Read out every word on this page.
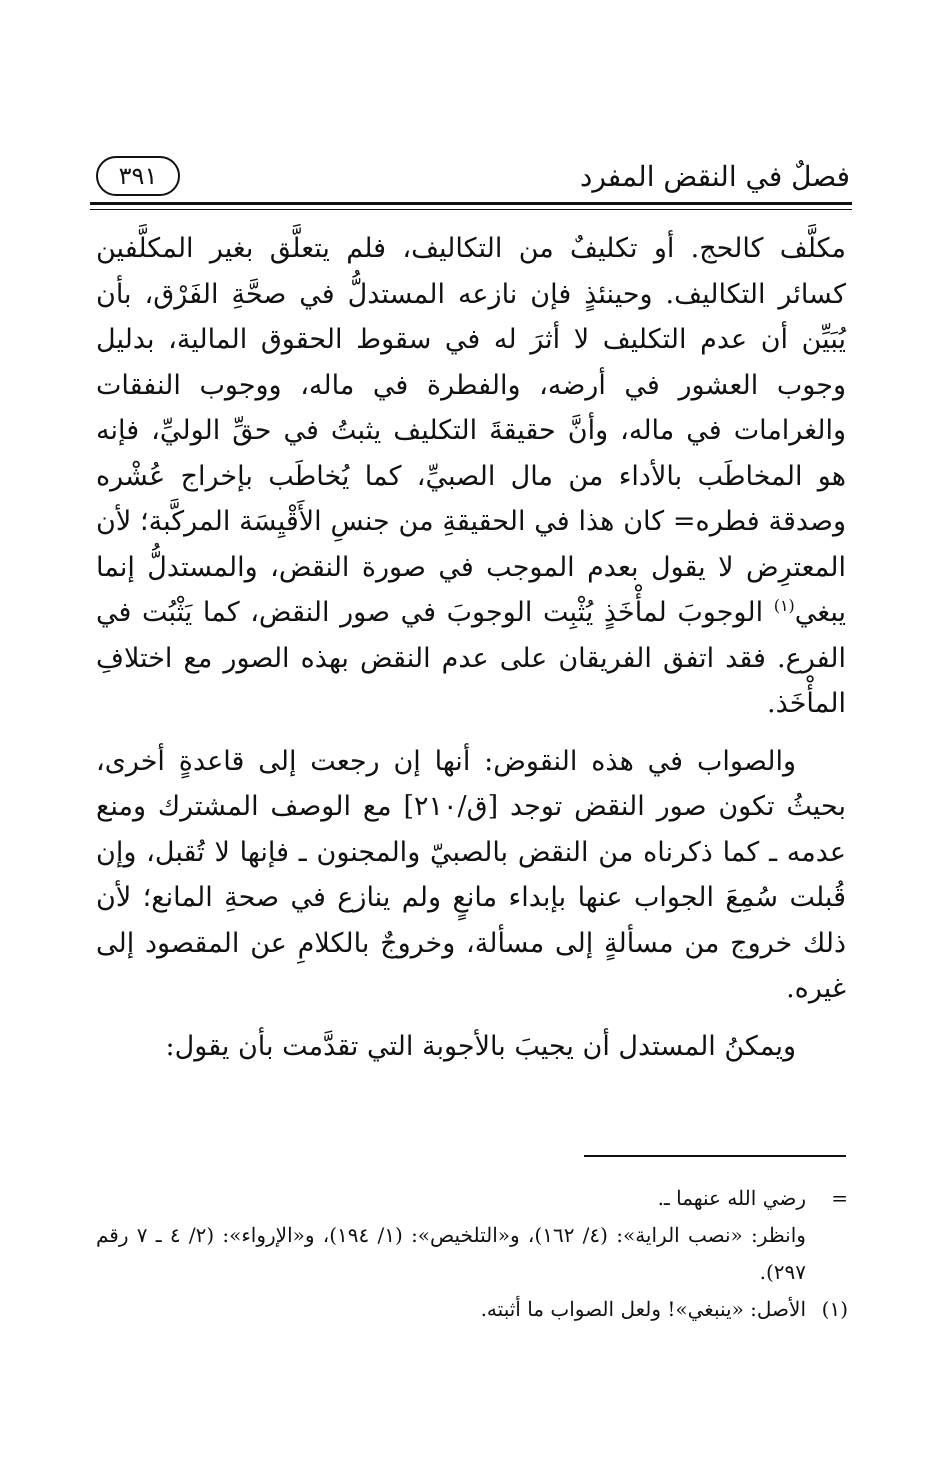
فصلٌ في النقض المفرد
٣٩١

مكلَّف كالحج. أو تكليفٌ من التكاليف، فلم يتعلَّق بغير المكلَّفين كسائر التكاليف. وحينئذٍ فإن نازعه المستدلُّ في صحَّةِ الفَرْق، بأن يُبَيِّن أن عدم التكليف لا أثرَ له في سقوط الحقوق المالية، بدليل وجوب العشور في أرضه، والفطرة في ماله، ووجوب النفقات والغرامات في ماله، وأنَّ حقيقةَ التكليف يثبتُ في حقِّ الوليِّ، فإنه هو المخاطَب بالأداء من مال الصبيِّ، كما يُخاطَب بإخراج عُشْره وصدقة فطره= كان هذا في الحقيقةِ من جنسِ الأَقْيِسَة المركَّبة؛ لأن المعترِض لا يقول بعدم الموجب في صورة النقض، والمستدلُّ إنما يبغي$^{(١)}$ الوجوبَ لمأْخَذٍ يُثْبِت الوجوبَ في صور النقض، كما يَثْبُت في الفرع. فقد اتفق الفريقان على عدم النقض بهذه الصور مع اختلافِ المأْخَذ.

والصواب في هذه النقوض: أنها إن رجعت إلى قاعدةٍ أخرى، بحيثُ تكون صور النقض توجد [ق/٢١٠] مع الوصف المشترك ومنع عدمه ـ كما ذكرناه من النقض بالصبيّ والمجنون ـ فإنها لا تُقبل، وإن قُبلت سُمِعَ الجواب عنها بإبداء مانعٍ ولم ينازع في صحةِ المانع؛ لأن ذلك خروج من مسألةٍ إلى مسألة، وخروجٌ بالكلامِ عن المقصود إلى غيره.

ويمكنُ المستدل أن يجيبَ بالأجوبة التي تقدَّمت بأن يقول:

=
رضي الله عنهما ـ.

وانظر: «نصب الراية»: (٤/ ١٦٢)، و«التلخيص»: (١/ ١٩٤)، و«الإرواء»: (٢/ ٤ ـ ٧ رقم ٢٩٧).

(١)
الأصل: «ينبغي»! ولعل الصواب ما أثبته.
